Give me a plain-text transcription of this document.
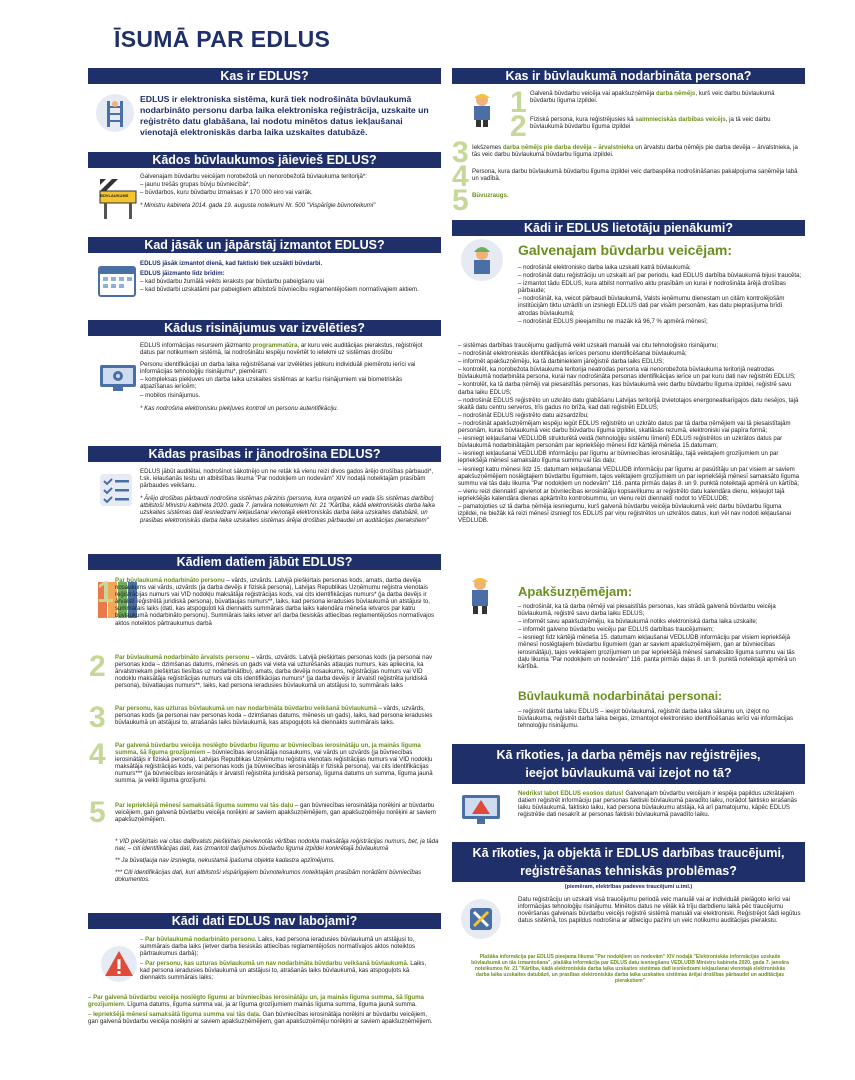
ĪSUMĀ PAR EDLUS
Kas ir EDLUS?
EDLUS ir elektroniska sistēma, kurā tiek nodrošināta būvlaukumā nodarbināto personu darba laika elektroniska reģistrācija, uzskaite un reģistrēto datu glabāšana, lai nodotu minētos datus iekļaušanai vienotajā elektroniskās darba laika uzskaites datubāzē.
Kādos būvlaukumos jāievieš EDLUS?
BŪVLAUKUMS

Galvenajam būvdarbu veicējam norobežotā un nenorobežotā būvlaukuma teritorijā*:

– jaunu trešās grupas būvju būvniecībā*;

– būvdarbos, kuru būvdarbu izmaksas ir 170 000 eiro vai vairāk.

* Ministru kabineta 2014. gada 19. augusta noteikumi Nr. 500 "Vispārīgie būvnoteikumi"

Kad jāsāk un jāpārstāj izmantot EDLUS?

EDLUS jāsāk izmantot dienā, kad faktiski tiek uzsākti būvdarbi.

EDLUS jāizmanto līdz brīdim:

– kad būvdarbu žurnālā veikts ieraksts par būvdarbu pabeigšanu vai

– kad būvdarbi uzskatāmi par pabeigtiem atbilstoši būvniecību reglamentējošiem normatīvajiem aktiem.

Kādus risinājumus var izvēlēties?

EDLUS informācijas resursiem jāizmanto programmatūra, ar kuru veic auditācijas pierakstus, reģistrējot datus par notikumiem sistēmā, lai nodrošinātu iespēju novērtēt to ietekmi uz sistēmas drošību

Personu identifikācijai un darba laika reģistrēšanai var izvēlēties jebkuru individuāli piemērotu ierīci vai informācijas tehnoloģiju risinājumu*, piemēram:

– kompleksas piekļuves un darba laika uzskaites sistēmas ar karšu risinājumiem vai biometriskās atpazīšanas ierīcēm;

– mobilos risinājumus.

* Kas nodrošina elektronisku piekļuves kontroli un personu autentifikāciju.

Kādas prasības ir jānodrošina EDLUS?

EDLUS jābūt auditētai, nodrošinot sākotnējo un ne retāk kā vienu reizi divos gados ārējo drošības pārbaudi*, t.sk. ielaušanās testu un atbilstības likuma "Par nodokļiem un nodevām" XIV nodaļā noteiktajām prasībām pārbaudes veikšanu.

* Ārējo drošības pārbaudi nodrošina sistēmas pārzinis (persona, kura organizē un vada šīs sistēmas darbību) atbilstoši Ministru kabineta 2020. gada 7. janvāra noteikumiem Nr. 21 "Kārtība, kādā elektroniskās darba laika uzskaites sistēmas datī iesniedzami iekļaušanai vienotajā elektroniskās darba laika uzskaites datubāzē, un prasības elektroniskās darba laika uzskaites sistēmas ārējai drošības pārbaudei un auditācijas pierakstiem"

Kādiem datiem jābūt EDLUS?
1 Par būvlaukumā nodarbināto personu – vārds, uzvārds. Latvijā piešķirtais personas kods, amats, darba devēja nosaukums vai vārds, uzvārds (ja darba devējs ir fiziskā persona), Latvijas Republikas Uzņēmumu reģistra vienotais reģistrācijas numurs vai VID nodokļu maksātāja reģistrācijas kods, vai cits identifikācijas numurs* (ja darba devējs ir ārvalstī reģistrētā juridiskā persona), būvatļaujas numurs**, laiks, kad persona ieradusies būvlaukumā un atstājusi to, summārais laiks (dati, kas atspoguļoti kā diennakts summārais darba laiks kalendāra mēneša ietvaros par katru būvlaukumā nodarbināto personu). Summārais laiks ietver arī darba tiesiskās attiecības reglamentējošos normatīvajos aktos noteiktos pārtraukumus darbā
2 Par būvlaukumā nodarbināto ārvalsts personu – vārds, uzvārds. Latvijā piešķirtais personas kods (ja personai nav personas koda – dzimšanas datums, mēnesis un gads vai vieta vai uzturēšanās atļaujas numurs, kas apliecina, ka ārvalstniekam piešķirtas tiesības uz nodarbinātību), amats, darba devēja nosaukums, reģistrācijas numurs vai VID nodokļu maksātāja reģistrācijas numurs vai cits identifikācijas numurs* (ja darba devējs ir ārvalstī reģistrēta juridiskā persona), būvatļaujas numurs**, laiks, kad persona ieradusies būvlaukumā un atstājusi to, summārais laiks
3 Par personu, kas uzturas būvlaukumā un nav nodarbināta būvdarbu veikšanā būvlaukumā – vārds, uzvārds, personas kods (ja personai nav personas koda – dzimšanas datums, mēnesis un gads), laiks, kad persona ieradusies būvlaukumā un atstājusi to, atrašanās laiks būvlaukumā, kas atspoguļots kā diennakts summārais laiks.
4 Par galvenā būvdarbu veicēja noslēgto būvdarbu līgumu ar būvniecības ierosinātāju un, ja mainās līguma summa, šā līguma grozījumiem – būvniecības ierosinātāja nosaukums, vai vārds un uzvārds (ja būvniecības ierosinātājs ir fiziskā persona). Latvijas Republikas Uzņēmumu reģistra vienotais reģistrācijas numurs vai VID nodokļu maksātāja reģistrācijas kods, vai personas kods (ja būvniecības ierosinātājs ir fiziskā persona), vai cits identifikācijas numurs*** (ja būvniecības ierosinātājs ir ārvalstī reģistrēta juridiskā persona), līguma datums un summa, līguma jaunā summa, ja veikti līguma grozījumi.
5 Par iepriekšējā mēnesī samaksātā līguma summu vai tās daļu – gan būvniecības ierosinātāja norēķini ar būvdarbu veicējiem, gan galvenā būvdarbu veicēja norēķini ar saviem apakšuzņēmējiem, gan apakšuzņēmēju norēķini ar saviem apakšuzņēmējiem.

* VID piešķirtais vai citas dalībvalsts piešķirtais pievienotās vērtības nodokļa maksātāja reģistrācijas numurs, bet, ja tāda nav, – citi identifikācijas dati, kas izmantoti darījumos būvdarbu līguma izpildei konkrētajā būvlaukumā

** Ja būvatļauja nav izsniegta, nekustamā īpašuma objekta kadastra apzīmējums.

*** Citi identifikācijas dati, kuri atbilstoši vispārīgajiem būvnoteikumos noteiktajām prasībām norādāmi būvniecības dokumentos.

Kādi dati EDLUS nav labojami?

– Par būvlaukumā nodarbināto personu. Laiks, kad persona ieradusies būvlaukumā un atstājusi to, summārais darba laiks (ietver darba tiesiskās attiecības reglamentējošos normatīvajos aktos noteiktos pārtraukumus darbā);

– Par personu, kas uzturas būvlaukumā un nav nodarbināta būvdarbu veikšanā būvlaukumā. Laiks, kad persona ieradusies būvlaukumā un atstājusi to, atrašanās laiks būvlaukumā, kas atspoguļots kā diennakts summārais laiks;

– Par galvenā būvdarbu veicēja noslēgto līgumu ar būvniecības ierosinātāju un, ja mainās līguma summa, šā līguma grozījumiem. Līguma datums, līguma summa vai, ja ar līguma grozījumiem mainās līguma summa, līguma jaunā summa.

– Iepriekšējā mēnesī samaksātā līguma summa vai tās daļa. Gan būvniecības ierosinātāja norēķini ar būvdarbu veicējiem, gan galvenā būvdarbu veicēja norēķini ar saviem apakšuzņēmējiem, gan apakšuzņēmēju norēķini ar saviem apakšuzņēmējiem.

Kas ir būvlaukumā nodarbināta persona?
1 Galvenā būvdarbu veicēja vai apakšuzņēmēja darba ņēmējs, kurš veic darbu būvlaukumā būvdarbu līguma izpildei.
2 Fiziskā persona, kura reģistrējusies kā saimnieciskās darbības veicējs, ja tā veic darbu būvlaukumā būvdarbu līguma izpildei
3 Iekšzemes darba ņēmējs pie darba devēja – ārvalstnieka un ārvalstu darba ņēmējs pie darba devēja – ārvalstnieka, ja tās veic darbu būvlaukumā būvdarbu līguma izpildei.
4 Persona, kura darbu būvlaukumā būvdarbu līguma izpildei veic darbaspēka nodrošināšanas pakalpojuma saņēmēja labā un vadībā.
5 Būvuzraugs.
Kādi ir EDLUS lietotāju pienākumi?
Galvenajam būvdarbu veicējam:

– nodrošināt elektronisko darba laika uzskaiti katrā būvlaukumā;

– nodrošināt datu reģistrāciju un uzskaiti arī par periodu, kad EDLUS darbība būvlaukumā bijusi traucēta;

– izmantot tādu EDLUS, kura atbilst normatīvo aktu prasībām un kurai ir nodrošināta ārējā drošības pārbaude;

– nodrošināt, ka, veicot pārbaudi būvlaukumā, Valsts ieņēmumu dienestam un citām kontrolējošām institūcijām tiktu uzrādīti un izsniegti EDLUS dati par visām personām, kas datu pieprasījuma brīdī atrodas būvlaukumā;

– nodrošināt EDLUS pieejamību ne mazāk kā 96,7 % apmērā mēnesī;

– sistēmas darbības traucējumu gadījumā veikt uzskaiti manuāli vai citu tehnoloģisko risinājumu;

– nodrošināt elektroniskās identifikācijas ierīces personu identificēšanai būvlaukumā;

– informēt apakšuzņēmēju, ka tā darbiniekiem jāreģistrē darba laiks EDLUS;

– kontrolēt, ka norobežota būvlaukuma teritorija neatrodas persona vai nenorobežota būvlaukuma teritorijā neatrodas būvlaukumā nodarbināta persona, kurai nav nodrošināta personas identifikācijas ierīce un par kuru dati nav reģistrēti EDLUS;

– kontrolēt, ka tā darba ņēmēji vai piesaistītās personas, kas būvlaukumā veic darbu būvdarbu līguma izpildei, reģistrē savu darba laiku EDLUS;

– nodrošināt EDLUS reģistrēto un uzkrāto datu glabāšanu Latvijas teritorijā izvietotajos energoneatkarīgajos datu nesējos, tajā skaitā datu centru serveros, trīs gadus no brīža, kad dati reģistrēti EDLUS;

– nodrošināt EDLUS reģistrēto datu aizsardzību;

– nodrošināt apakšuzņēmējam iespēju iegūt EDLUS reģistrēto un uzkrāto datus par tā darba ņēmējiem vai tā piesaistītajām personām, kuras būvlaukumā veic darbu būvdarbu līguma izpildei, skatlāsās rezumā, elektroniski vai papīra formā;

– iesniegt iekļaušanai VEDLUDB strukturētā veidā (tehnoloģiju sistēmu līmenī) EDLUS reģistrētos un uzkrātos datus par būvlaukumā nodarbinātajām personām par iepriekšējo mēnesi līdz kārtējā mēneša 15.datumam;

– iesniegt iekļaušanai VEDLUDB informāciju par līgumu ar būvniecības ierosinātāju, tajā veiktajiem grozījumiem un par iepriekšējā mēnesī samaksāto līguma summu vai tās daļu;

– iesniegt katru mēnesi līdz 15. datumam iekļaušanai VEDLUDB informāciju par līgumu ar pasūtītāju un par visiem ar saviem apakšuzņēmējiem noslēgtajiem būvdarbu līgumiem, tajos veiktajiem grozījumiem un par iepriekšējā mēnesī samaksāto līguma summu vai tās daļu likuma "Par nodokļiem un nodevām" 116. panta pirmās daļas 8. un 9. punktā noteiktajā apmērā un kārtībā;

– vienu reizi diennaktī apvienot ar būvniecības ierosinātāju kopsavilkumu ar reģistrēto datu kalendāra dienu, iekļaujot tajā iepriekšējās kalendāra dienas apkārtnīto kontrolsummu, un vienu reizi diennaktī nodot to VEDLUDB;

– pamatojoties uz tā darba ņēmēja iesniegumu, kurš galvenā būvdarbu veicēja būvlaukumā veic darbu būvdarbu līguma izpildei, ne biežāk kā reizi mēnesī izsniegt tos EDLUS par viņu reģistrētos un uzkrātos datus, kuri vēl nav nodoti iekļaušanai VEDLUDB.

Apakšuzņēmējam:

– nodrošināt, ka tā darba ņēmēji vai piesaistītās personas, kas strādā galvenā būvdarbu veicēja būvlaukumā, reģistrē savu darba laiku EDLUS;

– informēt savu apakšuzņēmēju, ka būvlaukumā notiks elektroniskā darba laika uzskaite;

– informēt galveno būvdarbu veicēju par EDLUS darbības traucējumiem;

– iesniegt līdz kārtējā mēneša 15. datumam iekļaušanai VEDLUDB informāciju par visiem iepriekšējā mēnesī noslēgtajiem būvdarbu līgumiem (gan ar saviem apakšuzņēmējiem, gan ar būvniecības ierosinātāju), tajos veiktajiem grozījumiem un par iepriekšējā mēnesī samaksāto līguma summu vai tās daļu likuma "Par nodokļiem un nodevām" 116. panta pirmās daļas 8. un 9. punktā noteiktajā apmērā un kārtībā.

Būvlaukumā nodarbinātai personai:
– reģistrēt darba laiku EDLUS – ieejot būvlaukumā, reģistrēt darba laika sākumu un, izejot no būvlaukuma, reģistrēt darba laika beigas, izmantojot elektronisko identificēšanas ierīci vai informācijas tehnoloģiju risinājumu.
Kā rīkoties, ja darba ņēmējs nav reģistrējies,
ieejot būvlaukumā vai izejot no tā?
Nedrīkst labot EDLUS esošos datus! Galvenajam būvdarbu veicējam ir iespēja papildus uzkrātajiem datiem reģistrēt informāciju par personas faktiski būvlaukumā pavadīto laiku, norādot faktisko ierašanās laiku būvlaukumā, faktisko laiku, kad persona būvlaukumu atstāja, kā arī pamatojumu, kāpēc EDLUS reģistrētie dati nesakrīt ar personas faktiski būvlaukumā pavadīto laiku.
Kā rīkoties, ja objektā ir EDLUS darbības traucējumi,
reģistrēšanas tehniskās problēmas?
(piemēram, elektrības padeves traucējumi u.tml.)
Datu reģistrāciju un uzskaiti visā traucējumu periodā veic manuāli vai ar individuāli pielāgoto ierīci vai informācijas tehnoloģiju risinājumu. Minētos datus ne vēlāk kā trīju darbdienu laikā pēc traucējumu novēršanas galvenais būvdarbu veicējs reģistrē sistēmā manuāli vai elektroniski. Reģistrējot šādi iegūtus datus sistēmā, tos papildus nodrošina ar attiecīgu pazīmi un veic notikumu auditācijas pierakstu.
Plašāka informācija par EDLUS pieejama likuma "Par nodokļiem un nodevām" XIV nodaļā "Elektroniskās informācijas uzskaite būvlaukumā un tās izmantošana", plašāka informācija par EDLUS datu iesniegšanu VEDLUDB Ministru kabineta 2020. gada 7. janvāra noteikumos Nr. 21 "Kārtība, kādā elektroniskās darba laika uzskaites sistēmas datī iesniedzami iekļaušanai vienotajā elektroniskās darba laika uzskaites datubāzē, un prasības elektroniskās darba laika uzskaites sistēmas ārējai drošības pārbaudei un auditācijas pierakstiem"
